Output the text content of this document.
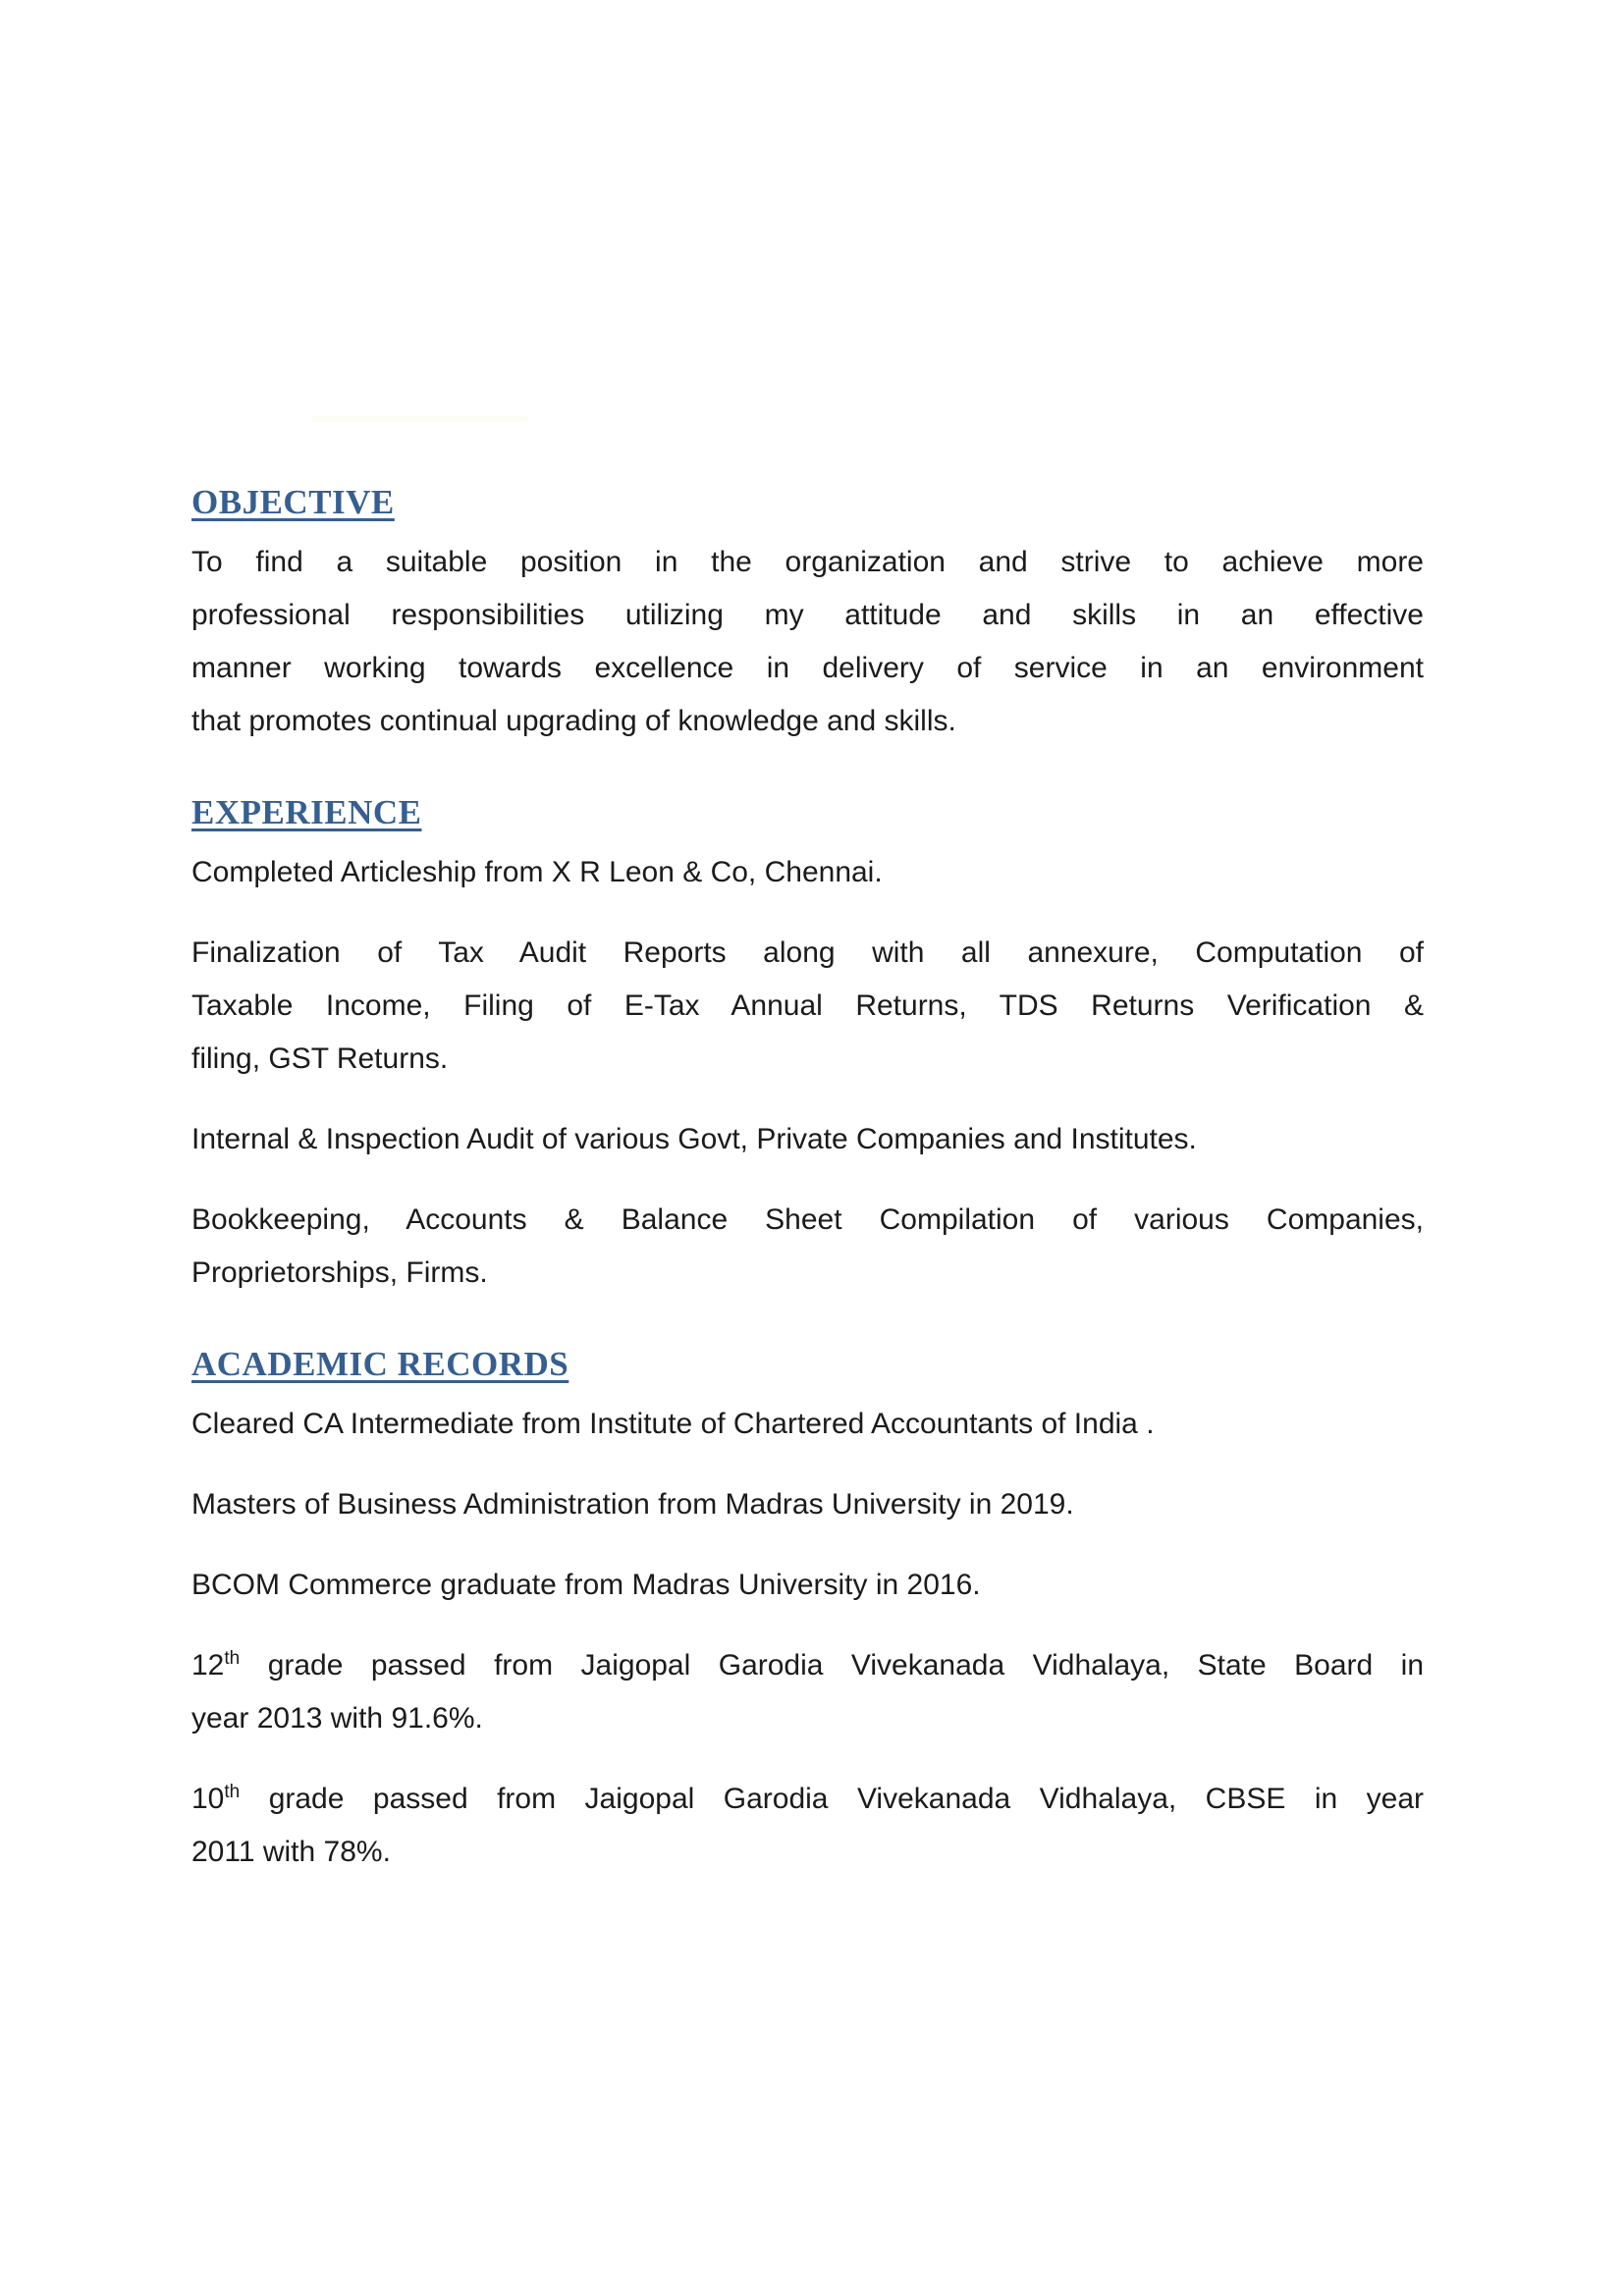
OBJECTIVE
To find a suitable position in the organization and strive to achieve more
professional responsibilities utilizing my attitude and skills in an effective
manner working towards excellence in delivery of service in an environment
that promotes continual upgrading of knowledge and skills.
EXPERIENCE
Completed Articleship from X R Leon & Co, Chennai.
Finalization of Tax Audit Reports along with all annexure, Computation of
Taxable Income, Filing of E-Tax Annual Returns, TDS Returns Verification &
filing, GST Returns.
Internal & Inspection Audit of various Govt, Private Companies and Institutes.
Bookkeeping, Accounts & Balance Sheet Compilation of various Companies,
Proprietorships, Firms.
ACADEMIC RECORDS
Cleared CA Intermediate from Institute of Chartered Accountants of India .
Masters of Business Administration from Madras University in 2019.
BCOM Commerce graduate from Madras University in 2016.
12th grade passed from Jaigopal Garodia Vivekanada Vidhalaya, State Board in
year 2013 with 91.6%.
10th grade passed from Jaigopal Garodia Vivekanada Vidhalaya, CBSE in year
2011 with 78%.
